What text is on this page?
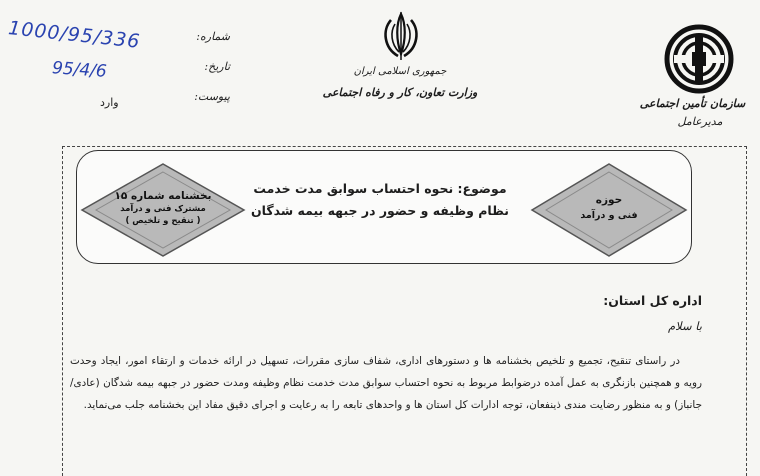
شماره:
تاریخ:
پیوست:
1000/95/336
95/4/6
وارد
جمهوری اسلامی ایران
وزارت تعاون، کار و رفاه اجتماعی
سازمان تأمین اجتماعی
مدیرعامل
بخشنامه شماره ۱۵
مشترک فنی و درآمد
( تنقیح و تلخیص )
موضوع: نحوه احتساب سوابق مدت خدمت
نظام وظیفه و حضور در جبهه بیمه شدگان
حوزه
فنی و درآمد
اداره کل استان:
با سلام
در راستای تنقیح، تجمیع و تلخیص بخشنامه ها و دستورهای اداری، شفاف سازی مقررات، تسهیل در ارائه خدمات و ارتقاء امور، ایجاد وحدت رویه و همچنین بازنگری به عمل آمده درضوابط مربوط به نحوه احتساب سوابق مدت خدمت نظام وظیفه ومدت حضور در جبهه بیمه شدگان (عادی/جانباز) و به منظور رضایت مندی ذینفعان، توجه ادارات کل استان ها و واحدهای تابعه را به رعایت و اجرای دقیق مفاد این بخشنامه جلب می‌نماید.
